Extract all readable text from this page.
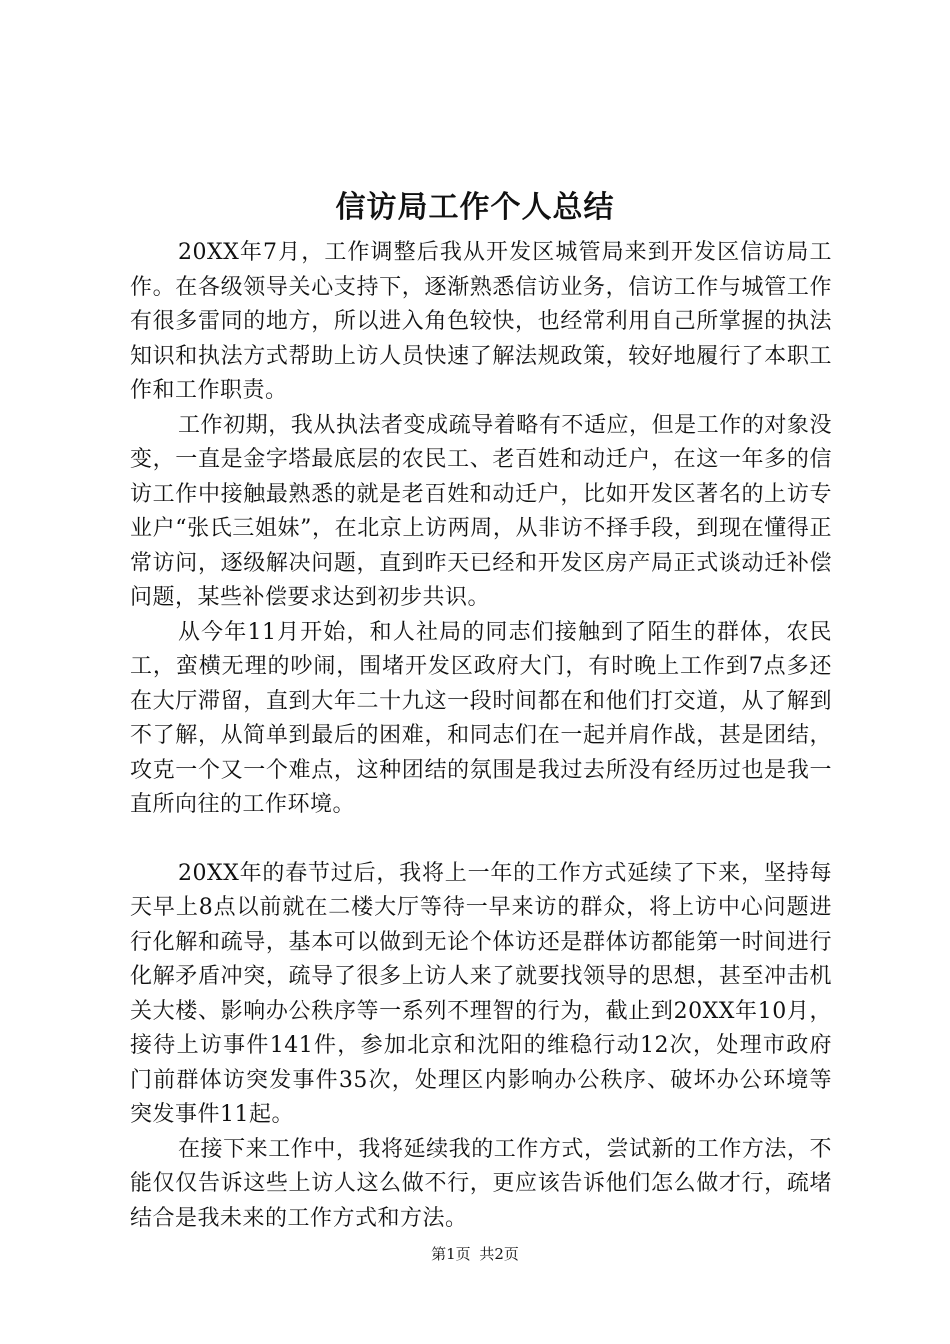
信访局工作个人总结

20XX年7月，工作调整后我从开发区城管局来到开发区信访局工作。在各级领导关心支持下，逐渐熟悉信访业务，信访工作与城管工作有很多雷同的地方，所以进入角色较快，也经常利用自己所掌握的执法知识和执法方式帮助上访人员快速了解法规政策，较好地履行了本职工作和工作职责。

工作初期，我从执法者变成疏导着略有不适应，但是工作的对象没变，一直是金字塔最底层的农民工、老百姓和动迁户，在这一年多的信访工作中接触最熟悉的就是老百姓和动迁户，比如开发区著名的上访专业户“张氏三姐妹”，在北京上访两周，从非访不择手段，到现在懂得正常访问，逐级解决问题，直到昨天已经和开发区房产局正式谈动迁补偿问题，某些补偿要求达到初步共识。

从今年11月开始，和人社局的同志们接触到了陌生的群体，农民工，蛮横无理的吵闹，围堵开发区政府大门，有时晚上工作到7点多还在大厅滞留，直到大年二十九这一段时间都在和他们打交道，从了解到不了解，从简单到最后的困难，和同志们在一起并肩作战，甚是团结，攻克一个又一个难点，这种团结的氛围是我过去所没有经历过也是我一直所向往的工作环境。

20XX年的春节过后，我将上一年的工作方式延续了下来，坚持每天早上8点以前就在二楼大厅等待一早来访的群众，将上访中心问题进行化解和疏导，基本可以做到无论个体访还是群体访都能第一时间进行化解矛盾冲突，疏导了很多上访人来了就要找领导的思想，甚至冲击机关大楼、影响办公秩序等一系列不理智的行为，截止到20XX年10月，接待上访事件141件，参加北京和沈阳的维稳行动12次，处理市政府门前群体访突发事件35次，处理区内影响办公秩序、破坏办公环境等突发事件11起。

在接下来工作中，我将延续我的工作方式，尝试新的工作方法，不能仅仅告诉这些上访人这么做不行，更应该告诉他们怎么做才行，疏堵结合是我未来的工作方式和方法。

第1页 共2页
